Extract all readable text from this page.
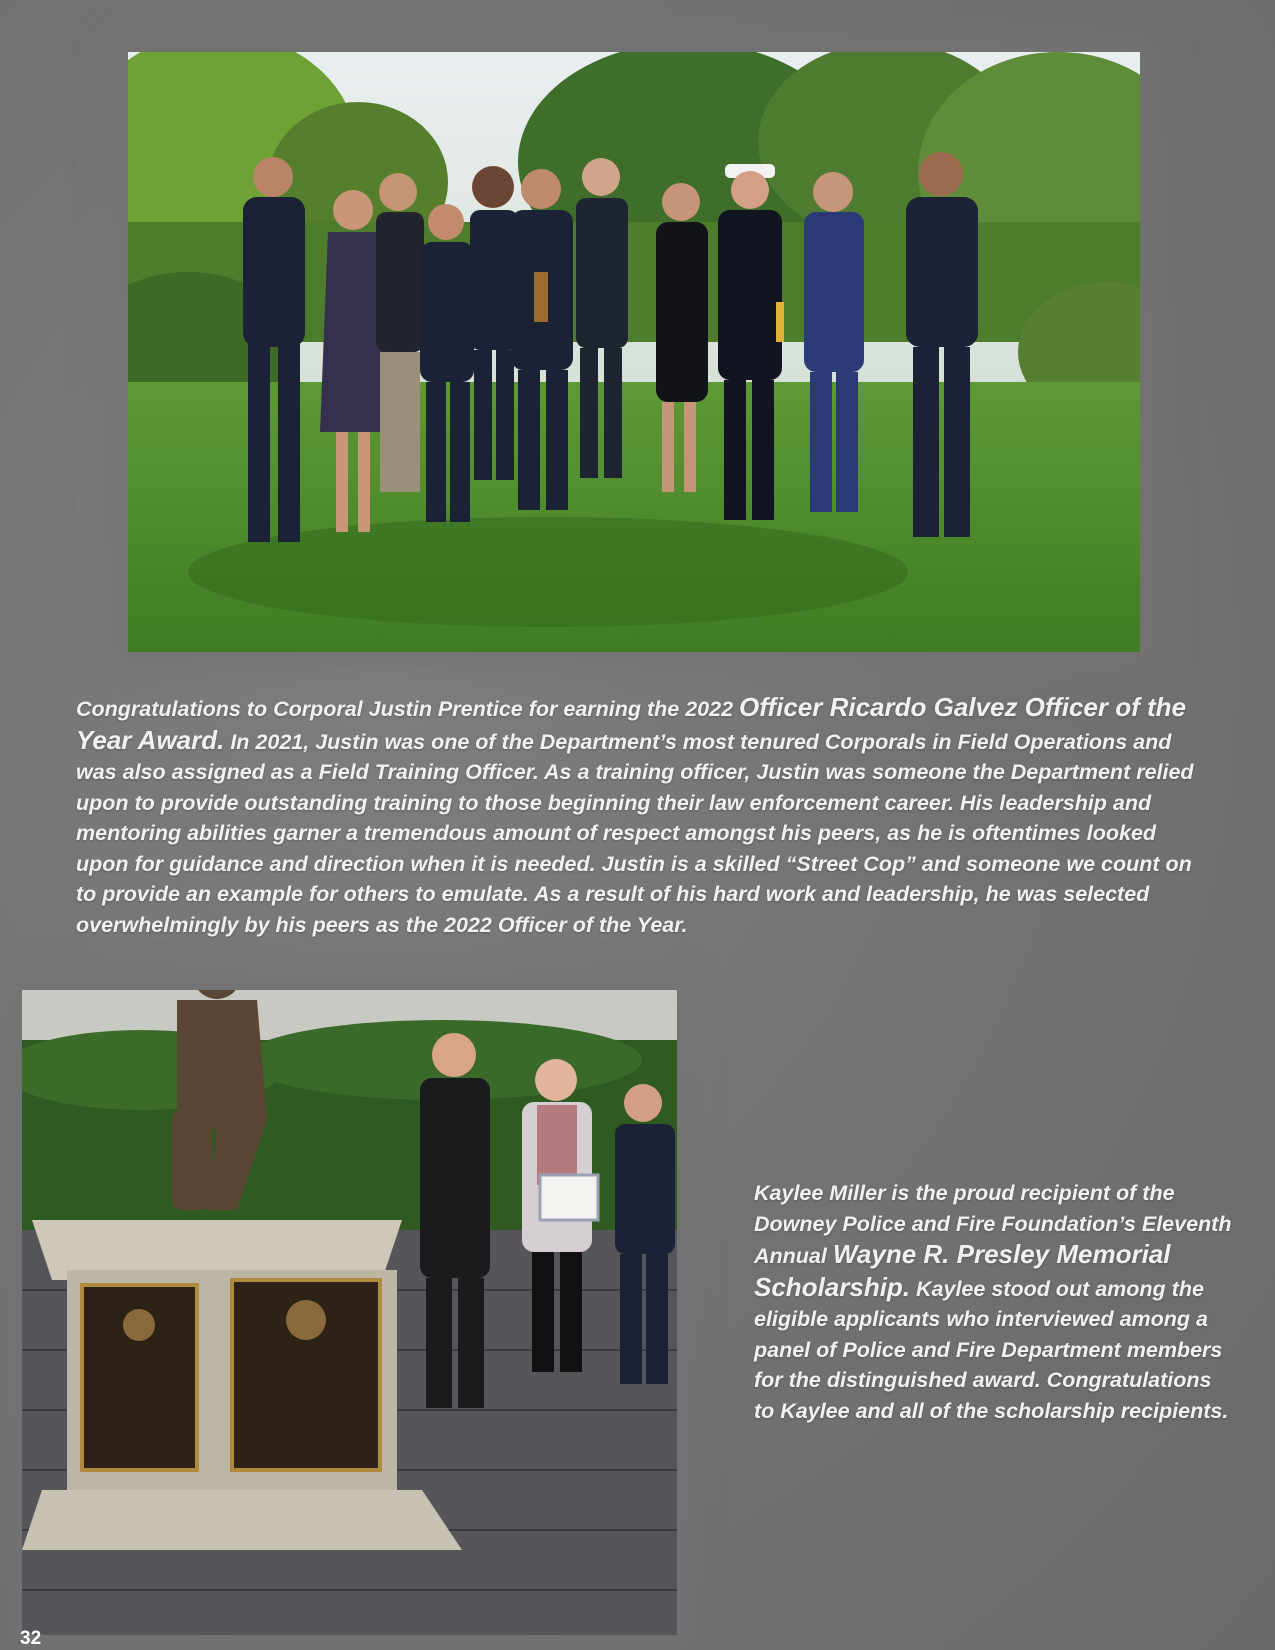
Congratulations to Corporal Justin Prentice for earning the 2022 Officer Ricardo Galvez Officer of the Year Award. In 2021, Justin was one of the Department’s most tenured Corporals in Field Operations and was also assigned as a Field Training Officer. As a training officer, Justin was someone the Department relied upon to provide outstanding training to those beginning their law enforcement career. His leadership and mentoring abilities garner a tremendous amount of respect amongst his peers, as he is oftentimes looked upon for guidance and direction when it is needed. Justin is a skilled “Street Cop” and someone we count on to provide an example for others to emulate. As a result of his hard work and leadership, he was selected overwhelmingly by his peers as the 2022 Officer of the Year.

Kaylee Miller is the proud recipient of the Downey Police and Fire Foundation’s Eleventh Annual Wayne R. Presley Memorial Scholarship. Kaylee stood out among the eligible applicants who interviewed among a panel of Police and Fire Department members for the distinguished award. Congratulations to Kaylee and all of the scholarship recipients.

32
